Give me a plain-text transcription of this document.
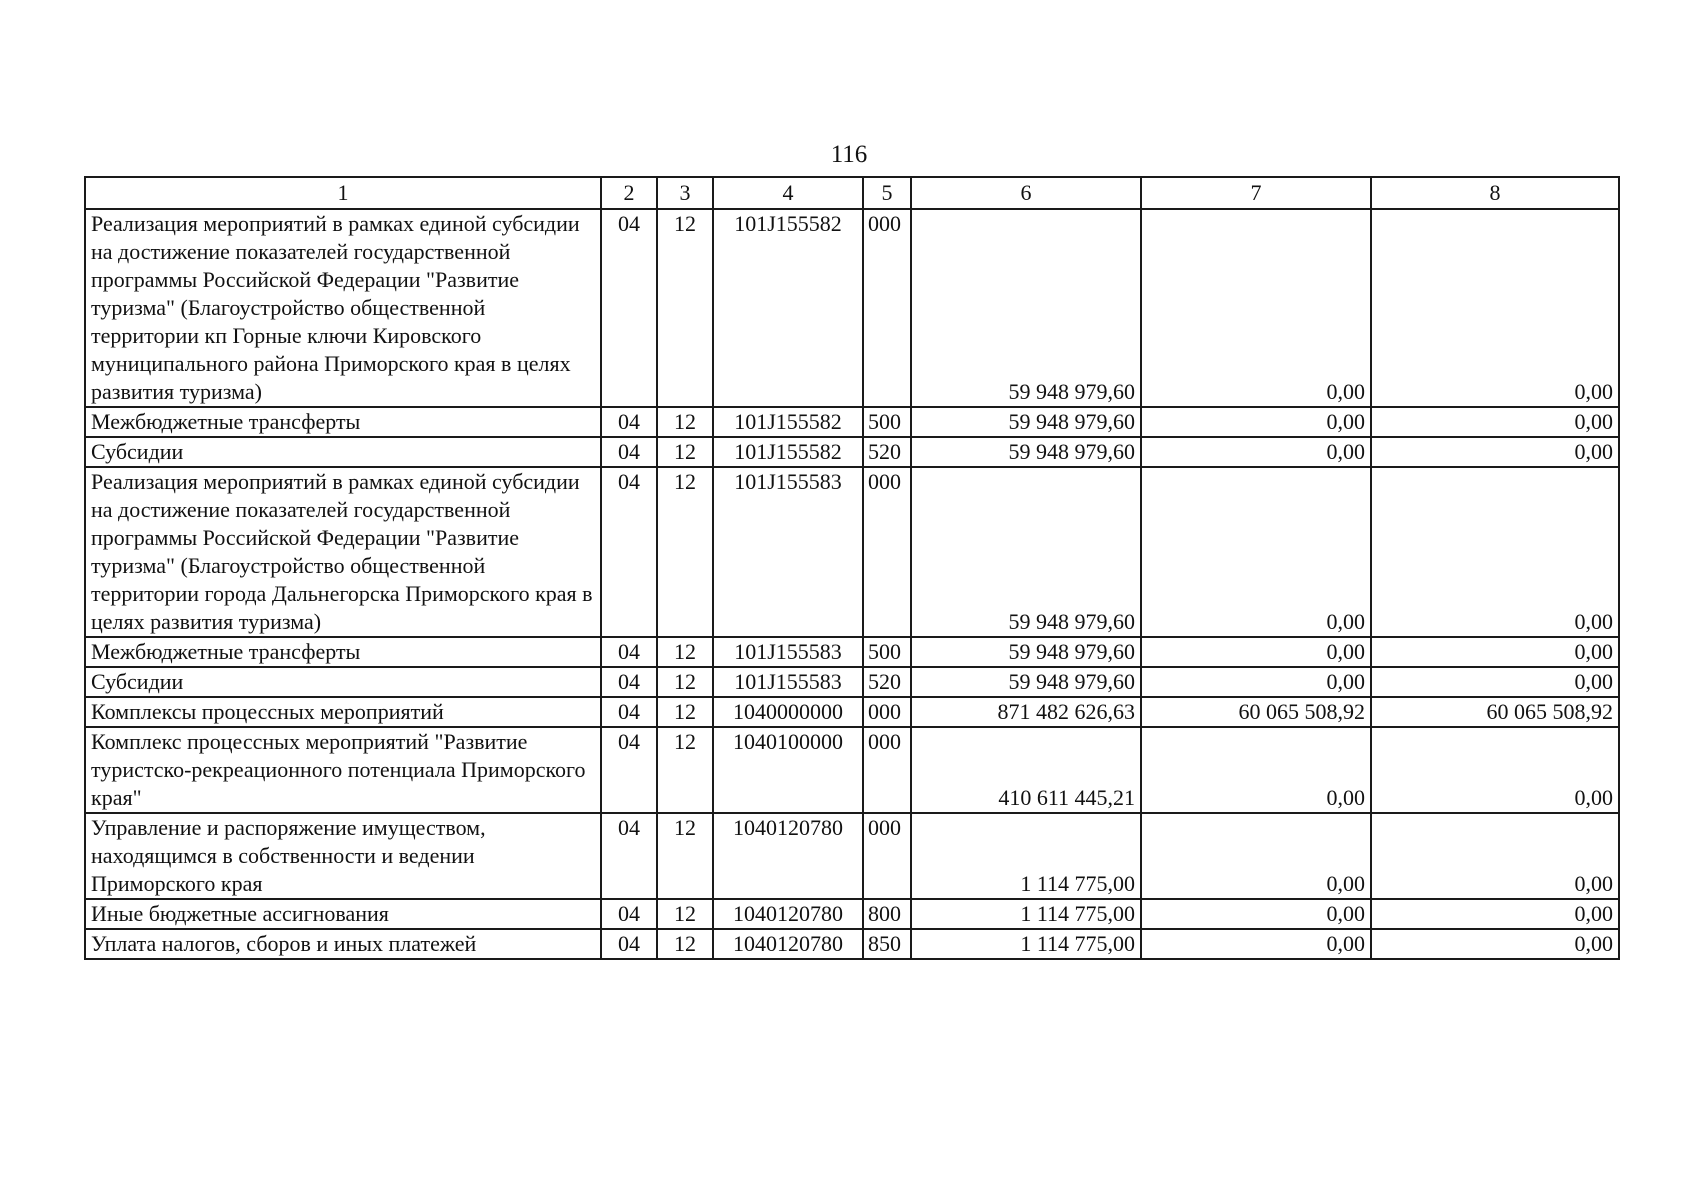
116
1	2	3	4	5	6	7	8
Реализация мероприятий в рамках единой субсидии на достижение показателей государственной программы Российской Федерации "Развитие туризма" (Благоустройство общественной территории кп Горные ключи Кировского муниципального района Приморского края в целях развития туризма)	04	12	101J155582	000	59 948 979,60	0,00	0,00
Межбюджетные трансферты	04	12	101J155582	500	59 948 979,60	0,00	0,00
Субсидии	04	12	101J155582	520	59 948 979,60	0,00	0,00
Реализация мероприятий в рамках единой субсидии на достижение показателей государственной программы Российской Федерации "Развитие туризма" (Благоустройство общественной территории города Дальнегорска Приморского края в целях развития туризма)	04	12	101J155583	000	59 948 979,60	0,00	0,00
Межбюджетные трансферты	04	12	101J155583	500	59 948 979,60	0,00	0,00
Субсидии	04	12	101J155583	520	59 948 979,60	0,00	0,00
Комплексы процессных мероприятий	04	12	1040000000	000	871 482 626,63	60 065 508,92	60 065 508,92
Комплекс процессных мероприятий "Развитие туристско-рекреационного потенциала Приморского края"	04	12	1040100000	000	410 611 445,21	0,00	0,00
Управление и распоряжение имуществом, находящимся в собственности и ведении Приморского края	04	12	1040120780	000	1 114 775,00	0,00	0,00
Иные бюджетные ассигнования	04	12	1040120780	800	1 114 775,00	0,00	0,00
Уплата налогов, сборов и иных платежей	04	12	1040120780	850	1 114 775,00	0,00	0,00
